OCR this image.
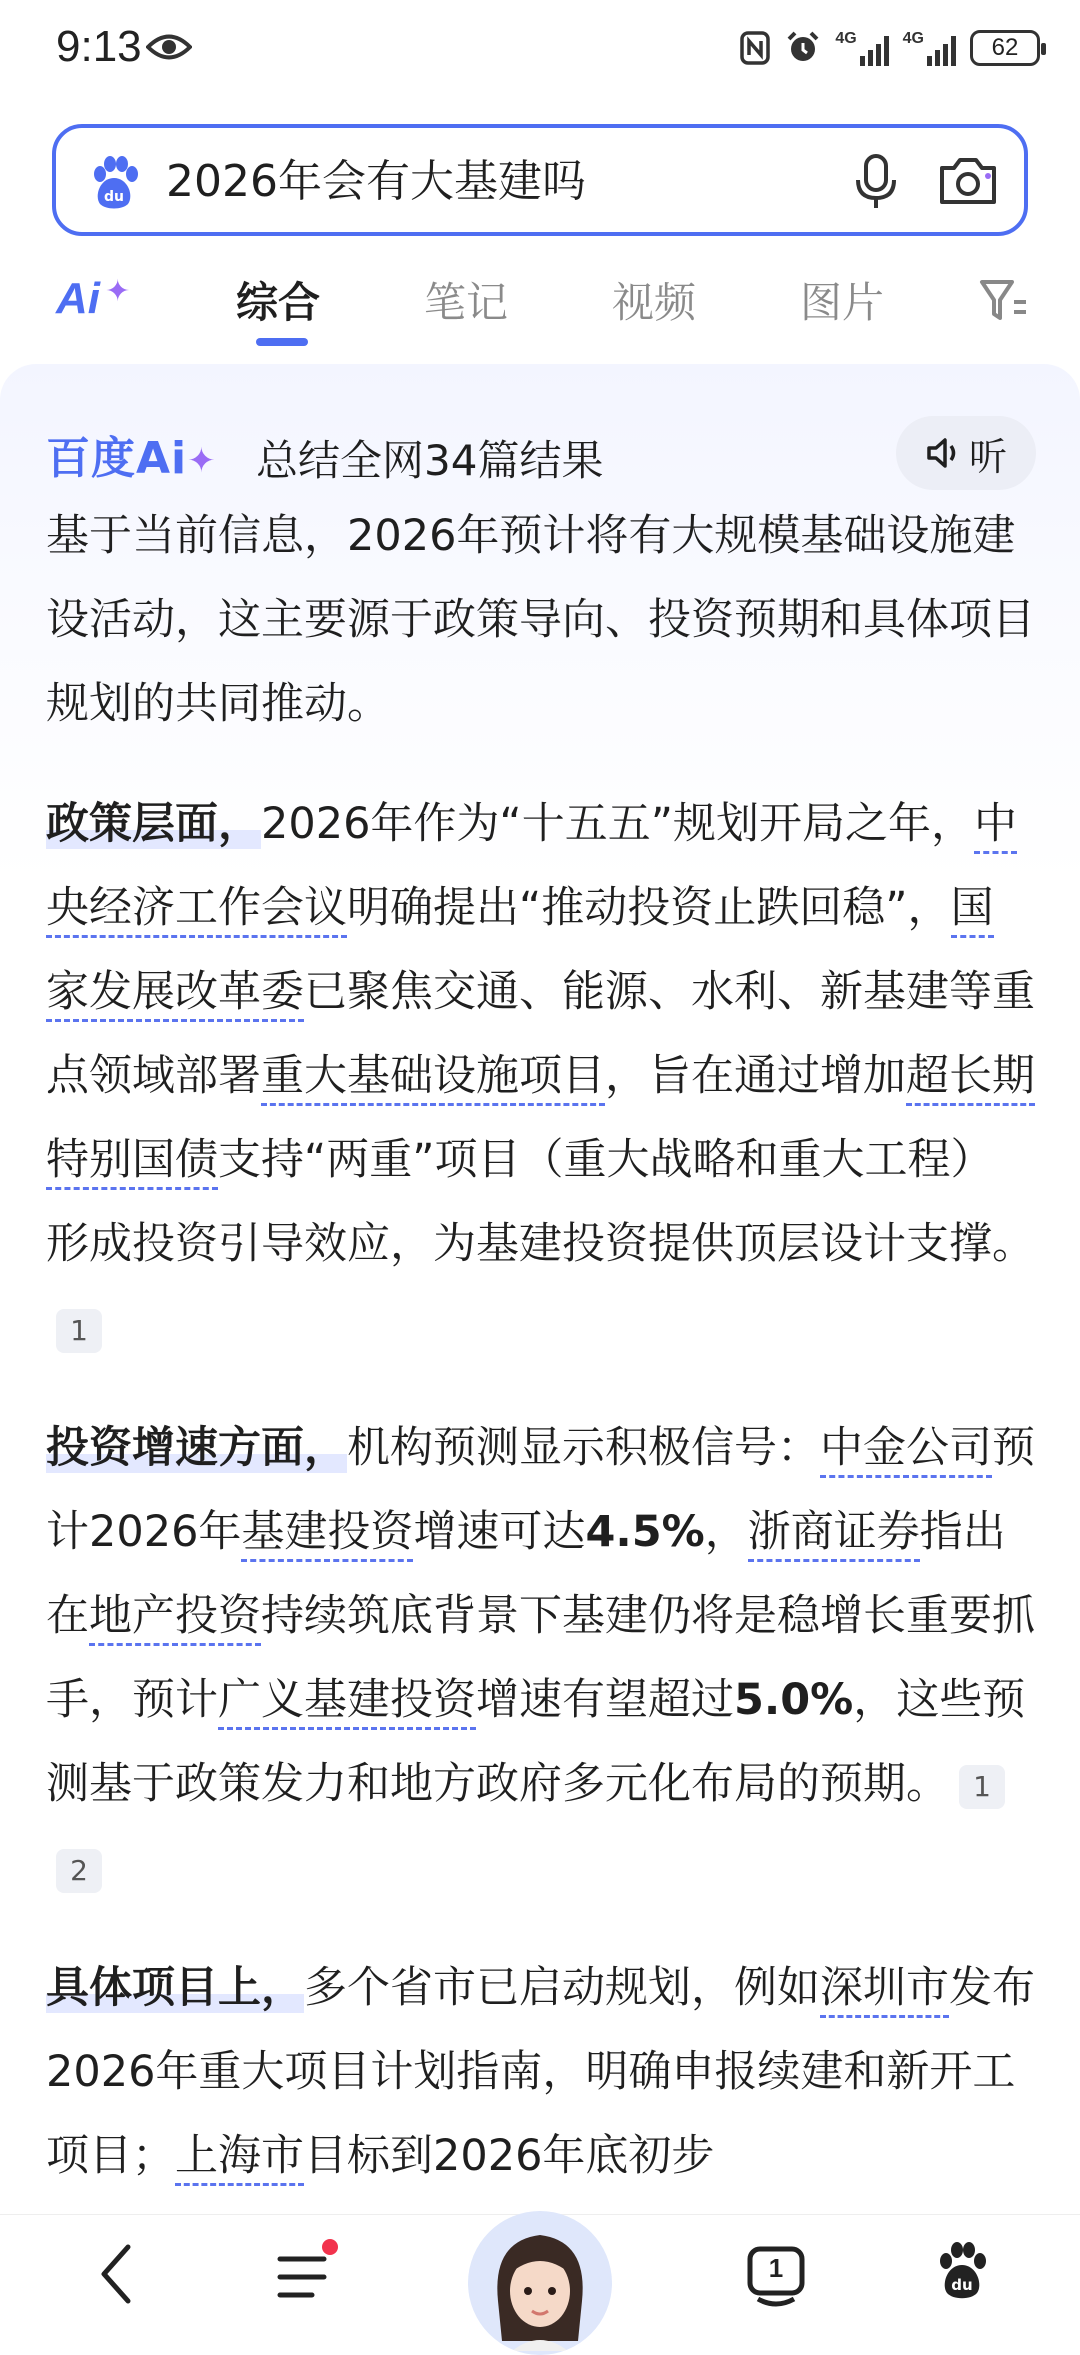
9:13	4G	4G	62
du 2026年会有大基建吗
Ai ✦	综合 笔记 视频 图片
百度Ai✦ 总结全网34篇结果	听

基于当前信息，2026年预计将有大规模基础设施建设活动，这主要源于政策导向、投资预期和具体项目规划的共同推动。

政策层面，2026年作为“十五五”规划开局之年，中央经济工作会议明确提出“推动投资止跌回稳”，国家发展改革委已聚焦交通、能源、水利、新基建等重点领域部署重大基础设施项目，旨在通过增加超长期特别国债支持“两重”项目（重大战略和重大工程）形成投资引导效应，为基建投资提供顶层设计支撑。1

投资增速方面，机构预测显示积极信号：中金公司预计2026年基建投资增速可达4.5%，浙商证券指出在地产投资持续筑底背景下基建仍将是稳增长重要抓手，预计广义基建投资增速有望超过5.0%，这些预测基于政策发力和地方政府多元化布局的预期。 12

具体项目上，多个省市已启动规划，例如深圳市发布2026年重大项目计划指南，明确申报续建和新开工项目；上海市目标到2026年底初步

1
du
